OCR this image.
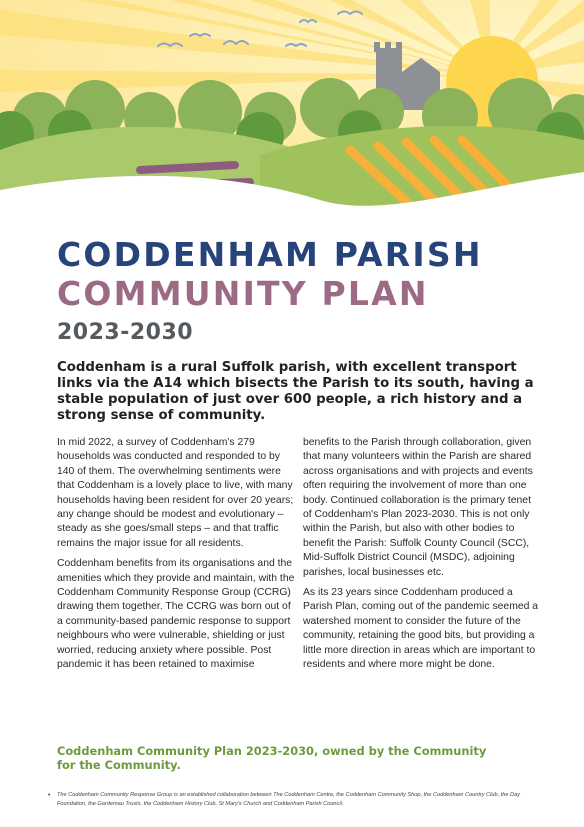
CODDENHAM PARISH
COMMUNITY PLAN
2023-2030
Coddenham is a rural Suffolk parish, with excellent transport links via the A14 which bisects the Parish to its south, having a stable population of just over 600 people, a rich history and a strong sense of community.

In mid 2022, a survey of Coddenham's 279 households was conducted and responded to by 140 of them. The overwhelming sentiments were that Coddenham is a lovely place to live, with many households having been resident for over 20 years; any change should be modest and evolutionary – steady as she goes/small steps – and that traffic remains the major issue for all residents.

Coddenham benefits from its organisations and the amenities which they provide and maintain, with the Coddenham Community Response Group (CCRG) drawing them together. The CCRG was born out of a community-based pandemic response to support neighbours who were vulnerable, shielding or just worried, reducing anxiety where possible. Post pandemic it has been retained to maximise

benefits to the Parish through collaboration, given that many volunteers within the Parish are shared across organisations and with projects and events often requiring the involvement of more than one body. Continued collaboration is the primary tenet of Coddenham's Plan 2023-2030. This is not only within the Parish, but also with other bodies to benefit the Parish: Suffolk County Council (SCC), Mid-Suffolk District Council (MSDC), adjoining parishes, local businesses etc.

As its 23 years since Coddenham produced a Parish Plan, coming out of the pandemic seemed a watershed moment to consider the future of the community, retaining the good bits, but providing a little more direction in areas which are important to residents and where more might be done.

Coddenham Community Plan 2023-2030, owned by the Community for the Community.
• The Coddenham Community Response Group is an established collaboration between The Coddenham Centre, the Coddenham Community Shop, the Coddenham Country Club, the Day Foundation, the Gardemau Trusts, the Coddenham History Club, St Mary's Church and Coddenham Parish Council.
